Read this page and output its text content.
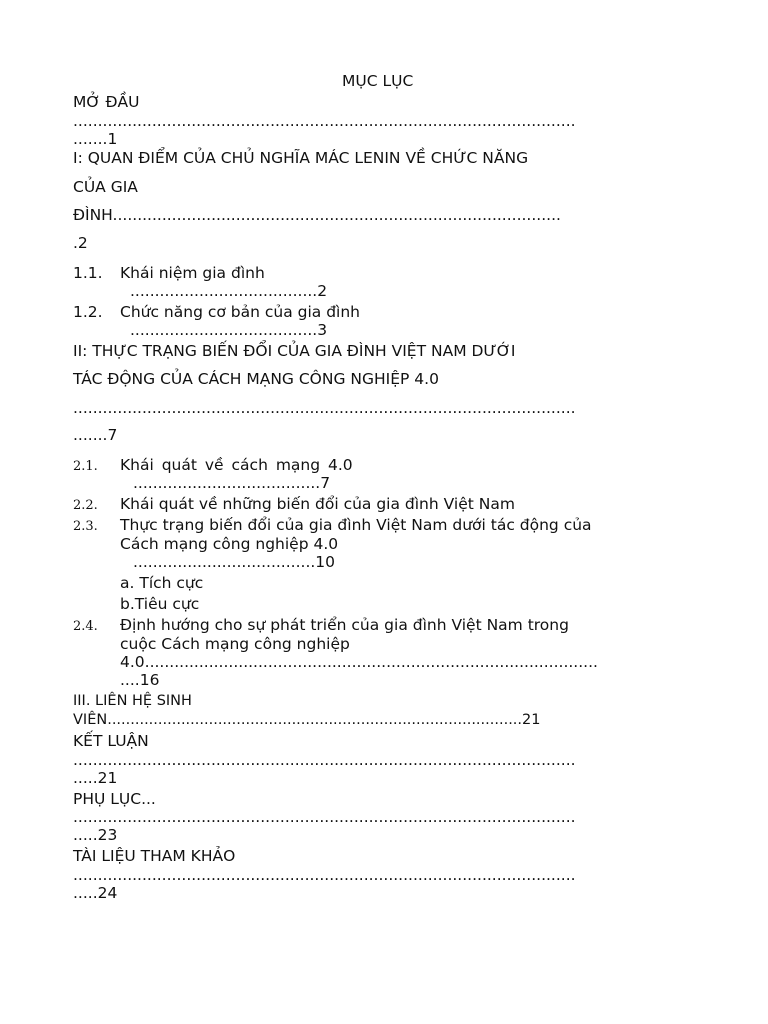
MỤC LỤC
MỞ ĐẦU
......................................................................................................
.......1
I: QUAN ĐIỂM CỦA CHỦ NGHĨA MÁC LENIN VỀ CHỨC NĂNG
CỦA GIA
ĐÌNH...........................................................................................
.2
1.1. Khái niệm gia đình
......................................2
1.2. Chức năng cơ bản của gia đình
......................................3
II: THỰC TRẠNG BIẾN ĐỔI CỦA GIA ĐÌNH VIỆT NAM DƯỚI
TÁC ĐỘNG CỦA CÁCH MẠNG CÔNG NGHIỆP 4.0
......................................................................................................
.......7
2.1. Khái quát về cách mạng 4.0
......................................7
2.2. Khái quát về những biến đổi của gia đình Việt Nam
2.3. Thực trạng biến đổi của gia đình Việt Nam dưới tác động của
Cách mạng công nghiệp 4.0
.....................................10
a. Tích cực
b.Tiêu cực
2.4. Định hướng cho sự phát triển của gia đình Việt Nam trong
cuộc Cách mạng công nghiệp
4.0............................................................................................
....16
III. LIÊN HỆ SINH
VIÊN..........................................................................................21
KẾT LUẬN
......................................................................................................
.....21
PHỤ LỤC...
......................................................................................................
.....23
TÀI LIỆU THAM KHẢO
......................................................................................................
.....24
